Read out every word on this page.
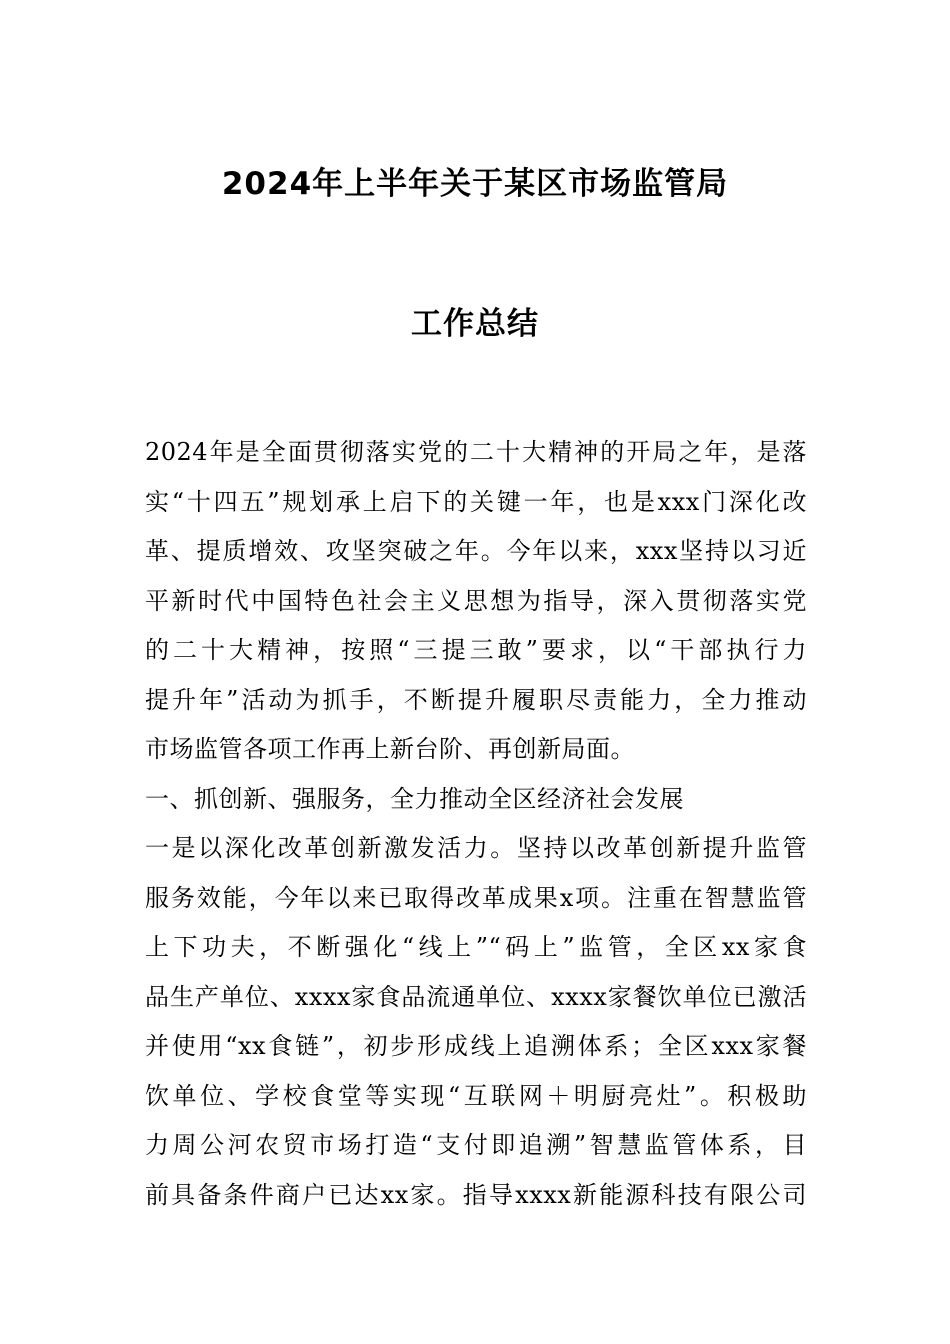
2024年上半年关于某区市场监管局
工作总结
2024年是全面贯彻落实党的二十大精神的开局之年，是落
实“十四五”规划承上启下的关键一年，也是xxx门深化改
革、提质增效、攻坚突破之年。今年以来，xxx坚持以习近
平新时代中国特色社会主义思想为指导，深入贯彻落实党
的二十大精神，按照“三提三敢”要求，以“干部执行力
提升年”活动为抓手，不断提升履职尽责能力，全力推动
市场监管各项工作再上新台阶、再创新局面。
一、抓创新、强服务，全力推动全区经济社会发展
一是以深化改革创新激发活力。坚持以改革创新提升监管
服务效能，今年以来已取得改革成果x项。注重在智慧监管
上下功夫，不断强化“线上”“码上”监管，全区xx家食
品生产单位、xxxx家食品流通单位、xxxx家餐饮单位已激活
并使用“xx食链”，初步形成线上追溯体系；全区xxx家餐
饮单位、学校食堂等实现“互联网＋明厨亮灶”。积极助
力周公河农贸市场打造“支付即追溯”智慧监管体系，目
前具备条件商户已达xx家。指导xxxx新能源科技有限公司
